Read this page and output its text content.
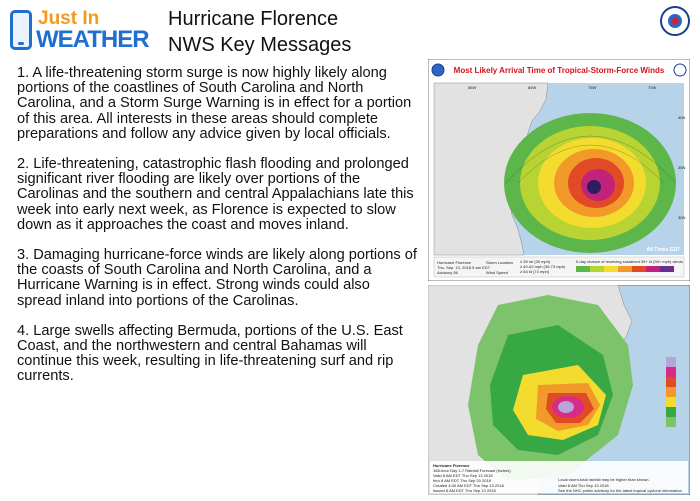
Just In
WEATHER
Hurricane Florence
NWS Key Messages

1. A life-threatening storm surge is now highly likely along portions of the coastlines of South Carolina and North Carolina, and a Storm Surge Warning is in effect for a portion of this area. All interests in these areas should complete preparations and follow any advice given by local officials.

2. Life-threatening, catastrophic flash flooding and prolonged significant river flooding are likely over portions of the Carolinas and the southern and central Appalachians late this week into early next week, as Florence is expected to slow down as it approaches the coast and moves inland.

3. Damaging hurricane-force winds are likely along portions of the coasts of South Carolina and North Carolina, and a Hurricane Warning is in effect. Strong winds could also spread inland into portions of the Carolinas.

4. Large swells affecting Bermuda, portions of the U.S. East Coast, and the northwestern and central Bahamas will continue this week, resulting in life-threatening surf and rip currents.

Most Likely Arrival Time of Tropical-Storm-Force Winds
85W	80W	75W	70W
40N
35N
30N
All Times EDT
Hurricane Florence
Thu. Sep. 13, 2018 5 am EDT
Advisory 56
Storm Location
Wind Speed
≥ 39 mi (39 mph)
≥ 40-62 mph (39-73 mph)
≥ 64 kt (74 mph)
5-day chance of receiving sustained 39+ kt (39+ mph) winds
Hurricane Florence
168-hour Day 1-7 Rainfall Forecast (inches)
Valid 8 AM EDT Thu Sep 13 2018
thru 8 AM EDT Thu Sep 20 2018
Created 4:40 AM EDT Thu Sep 13 2018
Issued 8 AM EDT Thu Sep 13 2018
Valid 8 AM Thu Sep 13 2018
Local storm-total rainfall may be higher than shown.
See the NHC public advisory for the latest tropical cyclone information
